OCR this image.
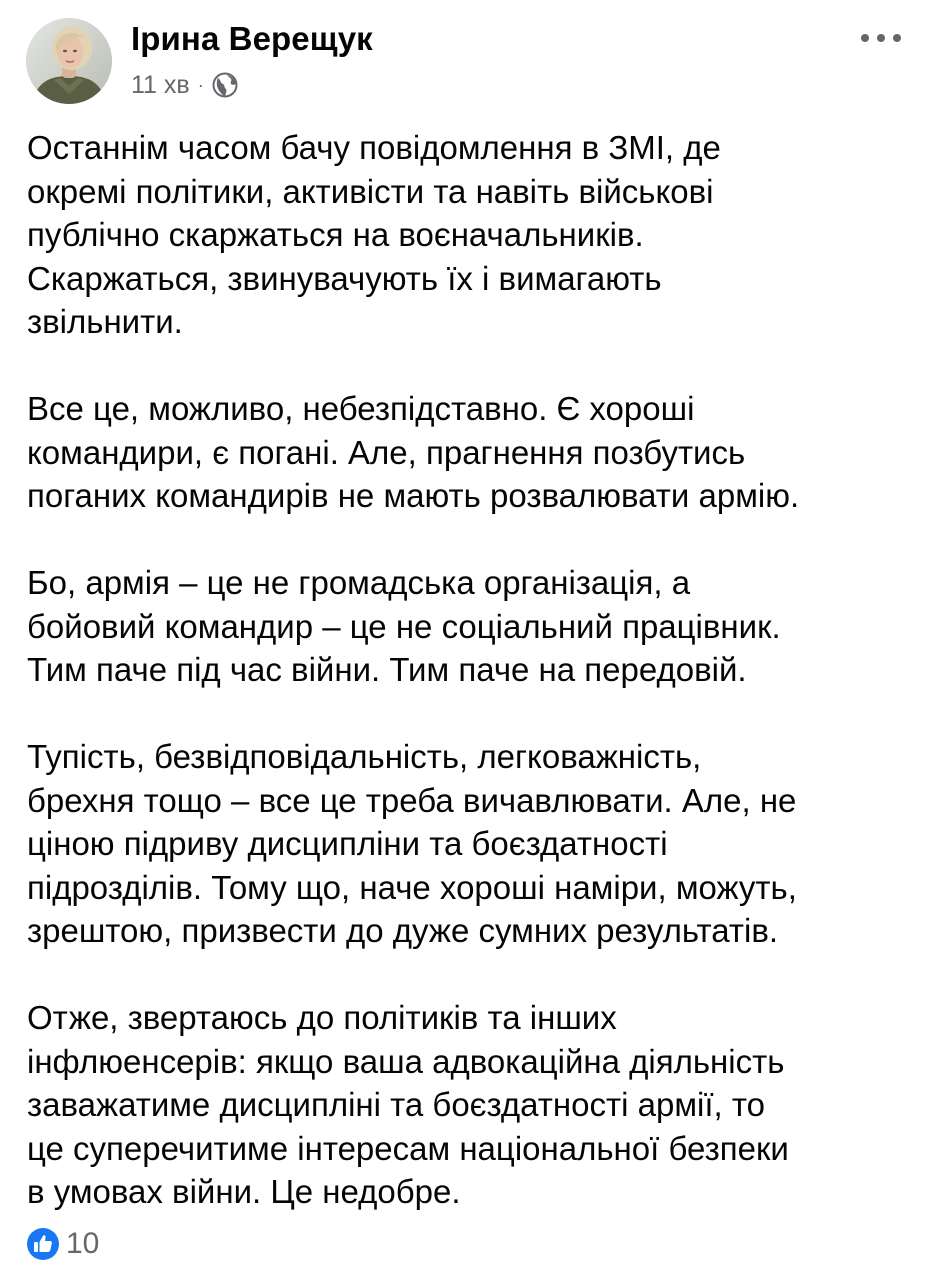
Ірина Верещук
11 хв ·

Останнім часом бачу повідомлення в ЗМІ, де
окремі політики, активісти та навіть військові
публічно скаржаться на воєначальників.
Скаржаться, звинувачують їх і вимагають
звільнити.

Все це, можливо, небезпідставно. Є хороші
командири, є погані. Але, прагнення позбутись
поганих командирів не мають розвалювати армію.

Бо, армія – це не громадська організація, а
бойовий командир – це не соціальний працівник.
Тим паче під час війни. Тим паче на передовій.

Тупість, безвідповідальність, легковажність,
брехня тощо – все це треба вичавлювати. Але, не
ціною підриву дисципліни та боєздатності
підрозділів. Тому що, наче хороші наміри, можуть,
зрештою, призвести до дуже сумних результатів.

Отже, звертаюсь до політиків та інших
інфлюенсерів: якщо ваша адвокаційна діяльність
заважатиме дисципліні та боєздатності армії, то
це суперечитиме інтересам національної безпеки
в умовах війни. Це недобре.

10
